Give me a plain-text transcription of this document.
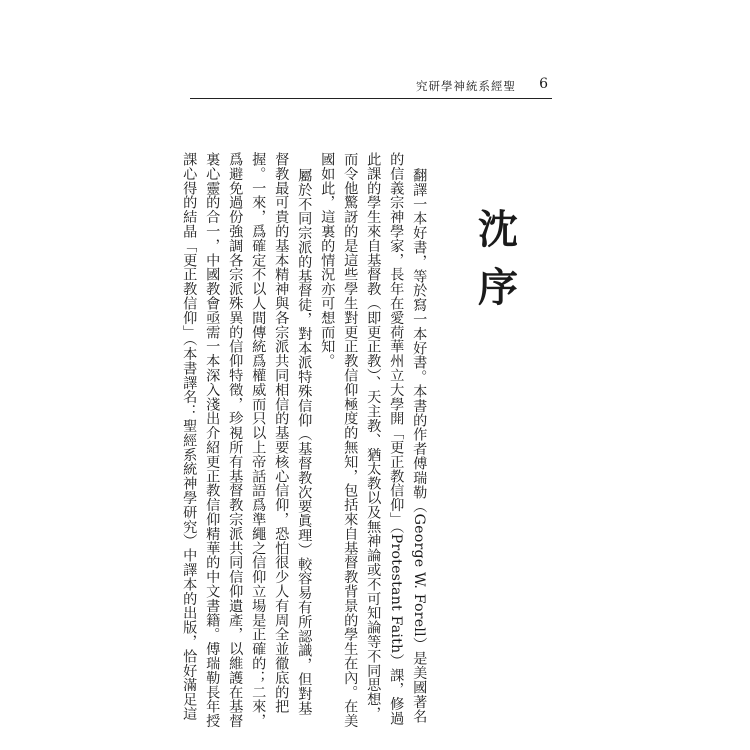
究研學神統系經聖 6
沈
序
翻譯一本好書，等於寫一本好書。本書的作者傅瑞勒（George W. Forell）是美國著名
的信義宗神學家，長年在愛荷華州立大學開「更正教信仰」（Protestant Faith）課，修過
此課的學生來自基督教（即更正教）、天主教、猶太教以及無神論或不可知論等不同思想，
而令他驚訝的是這些學生對更正教信仰極度的無知，包括來自基督教背景的學生在內。在美
國如此，這裏的情況亦可想而知。
屬於不同宗派的基督徒，對本派特殊信仰（基督教次要眞理）較容易有所認識，但對基
督教最可貴的基本精神與各宗派共同相信的基要核心信仰，恐怕很少人有周全並徹底的把
握。一來，爲確定不以人間傳統爲權威而只以上帝話語爲準繩之信仰立場是正確的；二來，
爲避免過份強調各宗派殊異的信仰特徵，珍視所有基督教宗派共同信仰遺產，以維護在基督
裏心靈的合一，中國教會亟需一本深入淺出介紹更正教信仰精華的中文書籍。傅瑞勒長年授
課心得的結晶「更正教信仰」（本書譯名：聖經系統神學研究）中譯本的出版，恰好滿足這
